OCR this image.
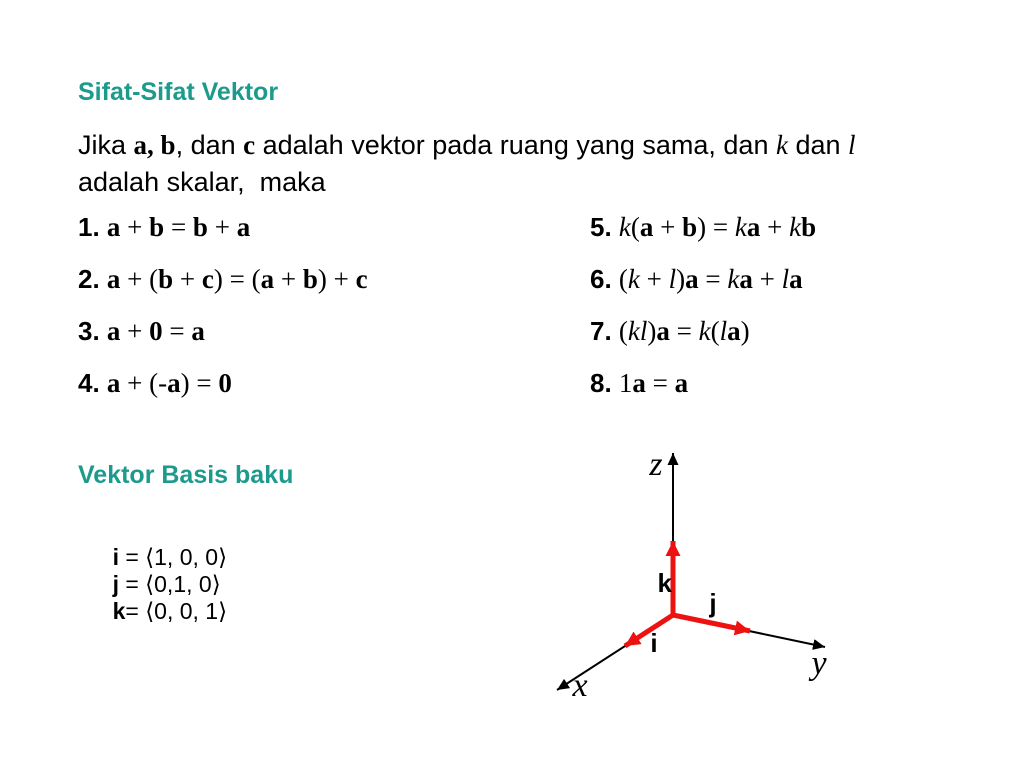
Sifat-Sifat Vektor
Jika a, b, dan c adalah vektor pada ruang yang sama, dan k dan l
adalah skalar,  maka
1. a + b = b + a
2. a + (b + c) = (a + b) + c
3. a + 0 = a
4. a + (-a) = 0
5. k(a + b) = ka + kb
6. (k + l)a = ka + la
7. (kl)a = k(la)
8. 1a = a
Vektor Basis baku

i = ⟨1, 0, 0⟩
j = ⟨0,1, 0⟩
k= ⟨0, 0, 1⟩

z
x
y
k
j
i
